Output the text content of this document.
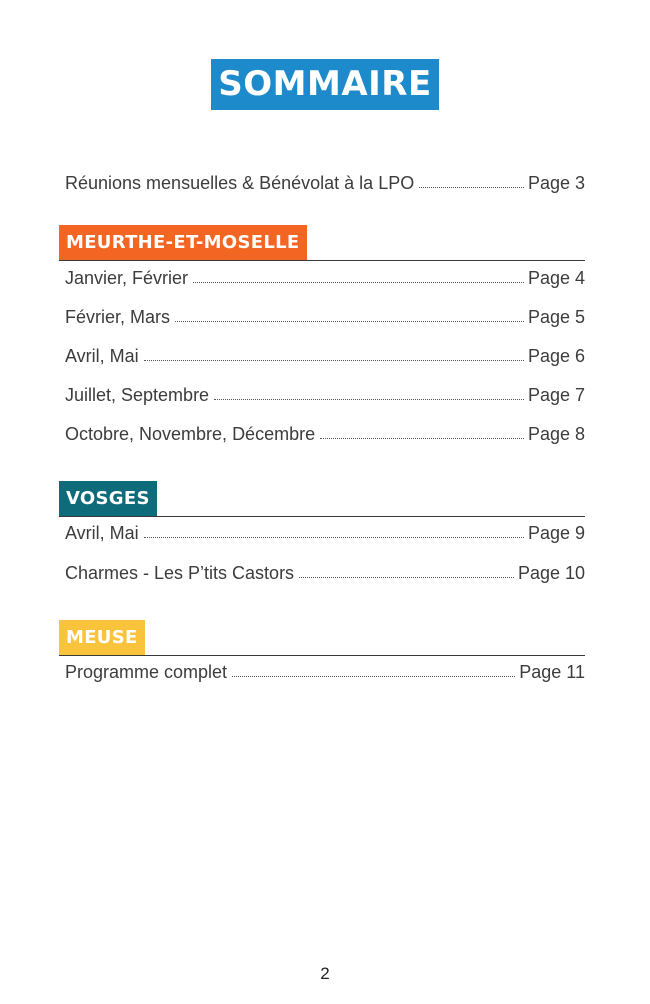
SOMMAIRE
Réunions mensuelles & Bénévolat à la LPO	Page 3
MEURTHE-ET-MOSELLE
Janvier, Février	Page 4
Février, Mars	Page 5
Avril, Mai	Page 6
Juillet, Septembre	Page 7
Octobre, Novembre, Décembre	Page 8
VOSGES
Avril, Mai	Page 9
Charmes - Les P’tits Castors	Page 10
MEUSE
Programme complet	Page 11
2
